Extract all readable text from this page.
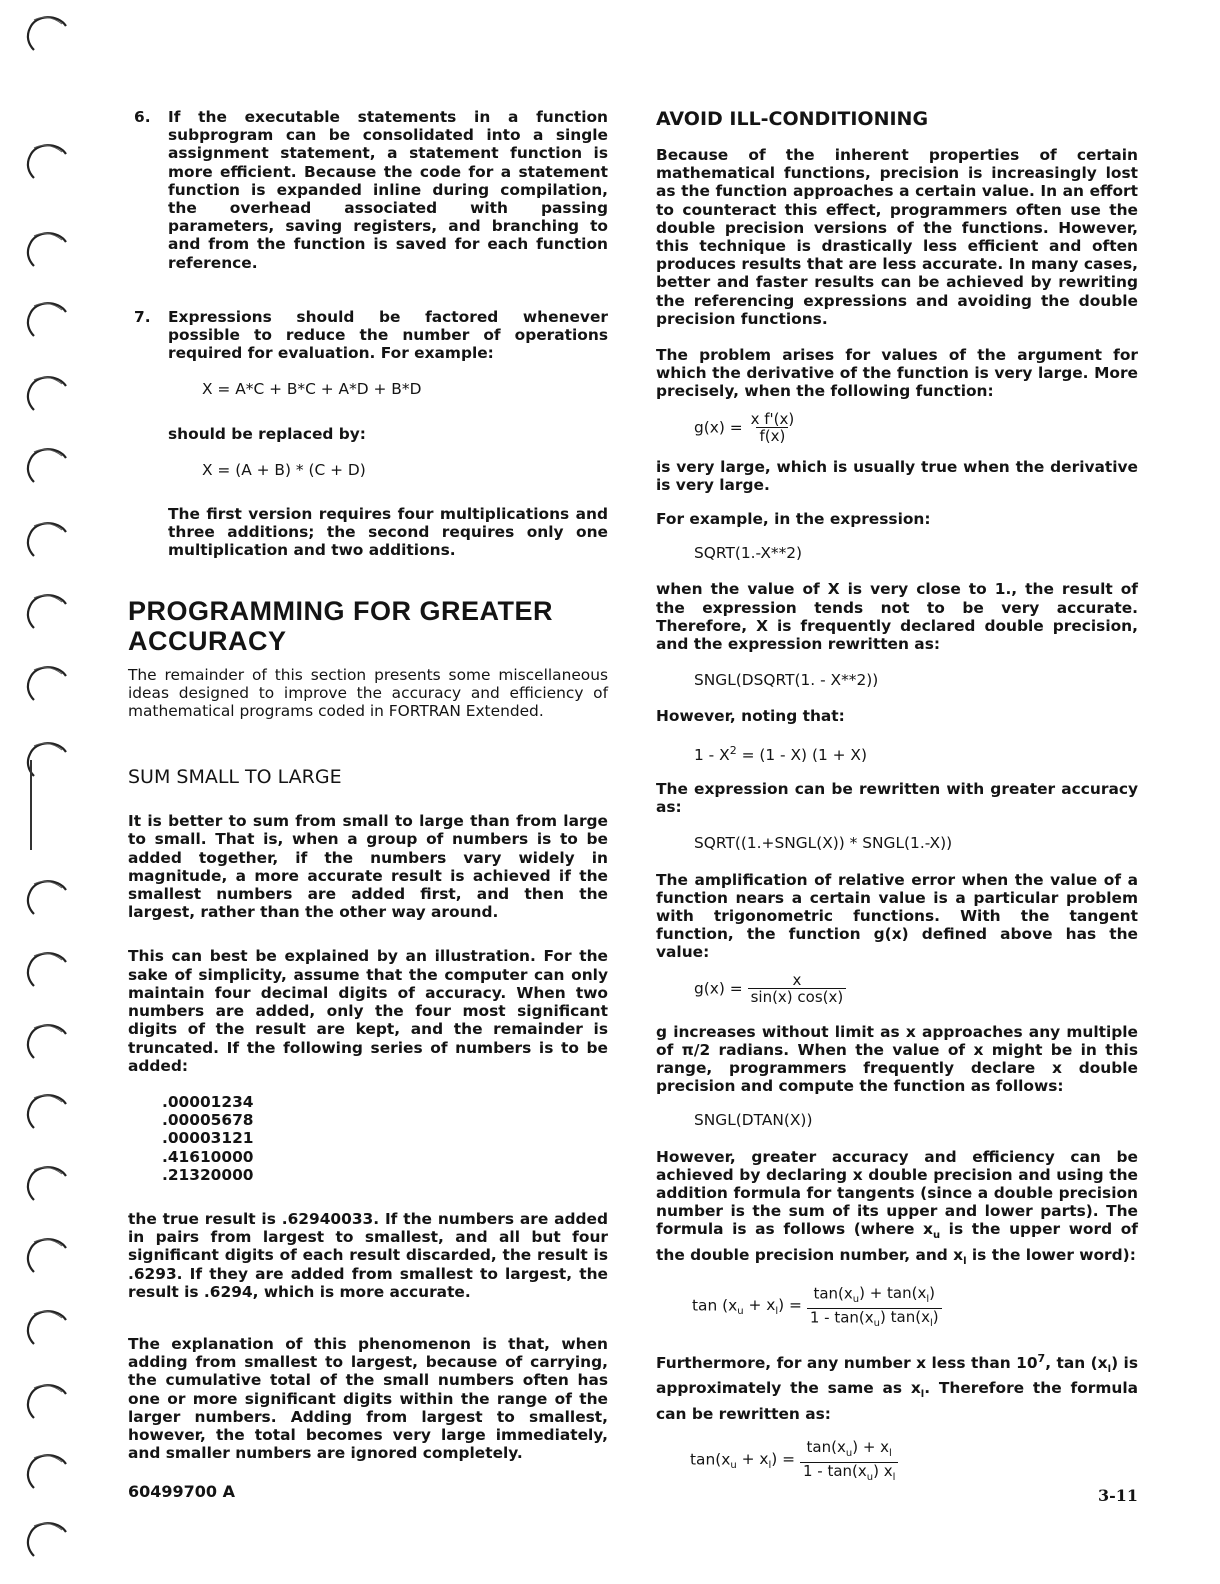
6. If the executable statements in a function subprogram can be consolidated into a single assignment statement, a statement function is more efficient. Because the code for a statement function is expanded inline during compilation, the overhead associated with passing parameters, saving registers, and branching to and from the function is saved for each function reference.

7. Expressions should be factored whenever possible to reduce the number of operations required for evaluation. For example:

X = A*C + B*C + A*D + B*D

should be replaced by:

X = (A + B) * (C + D)

The first version requires four multiplications and three additions; the second requires only one multiplication and two additions.

PROGRAMMING FOR GREATER
ACCURACY

The remainder of this section presents some miscellaneous ideas designed to improve the accuracy and efficiency of mathematical programs coded in FORTRAN Extended.

SUM SMALL TO LARGE

It is better to sum from small to large than from large to small. That is, when a group of numbers is to be added together, if the numbers vary widely in magnitude, a more accurate result is achieved if the smallest numbers are added first, and then the largest, rather than the other way around.

This can best be explained by an illustration. For the sake of simplicity, assume that the computer can only maintain four decimal digits of accuracy. When two numbers are added, only the four most significant digits of the result are kept, and the remainder is truncated. If the following series of numbers is to be added:

.00001234
.00005678
.00003121
.41610000
.21320000

the true result is .62940033. If the numbers are added in pairs from largest to smallest, and all but four significant digits of each result discarded, the result is .6293. If they are added from smallest to largest, the result is .6294, which is more accurate.

The explanation of this phenomenon is that, when adding from smallest to largest, because of carrying, the cumulative total of the small numbers often has one or more significant digits within the range of the larger numbers. Adding from largest to smallest, however, the total becomes very large immediately, and smaller numbers are ignored completely.

AVOID ILL-CONDITIONING

Because of the inherent properties of certain mathematical functions, precision is increasingly lost as the function approaches a certain value. In an effort to counteract this effect, programmers often use the double precision versions of the functions. However, this technique is drastically less efficient and often produces results that are less accurate. In many cases, better and faster results can be achieved by rewriting the referencing expressions and avoiding the double precision functions.

The problem arises for values of the argument for which the derivative of the function is very large. More precisely, when the following function:

$g(x) = \frac{\text{x f'(x)}}{f(x)}$

is very large, which is usually true when the derivative is very large.

For example, in the expression:

SQRT(1.-X**2)

when the value of X is very close to 1., the result of the expression tends not to be very accurate. Therefore, X is frequently declared double precision, and the expression rewritten as:

SNGL(DSQRT(1. - X**2))

However, noting that:

$1 - X^2 = (1 - X) (1 + X)$

The expression can be rewritten with greater accuracy as:

SQRT((1.+SNGL(X)) * SNGL(1.-X))

The amplification of relative error when the value of a function nears a certain value is a particular problem with trigonometric functions. With the tangent function, the function g(x) defined above has the value:

$g(x) = \frac{x}{\sin(x) \cos(x)}$

g increases without limit as x approaches any multiple of π/2 radians. When the value of x might be in this range, programmers frequently declare x double precision and compute the function as follows:

SNGL(DTAN(X))

However, greater accuracy and efficiency can be achieved by declaring x double precision and using the addition formula for tangents (since a double precision number is the sum of its upper and lower parts). The formula is as follows (where $x_u$ is the upper word of the double precision number, and $x_l$ is the lower word):

$\tan (x_u + x_l) = \frac{\tan(x_u) + \tan(x_l)}{1 - \tan(x_u) \tan(x_l)}$

Furthermore, for any number x less than $10^7$, $\tan (x_l)$ is approximately the same as $x_l$. Therefore the formula can be rewritten as:

$\tan(x_u + x_l) = \frac{\tan(x_u) + x_l}{1 - \tan(x_u) x_l}$
60499700 A	3-11
